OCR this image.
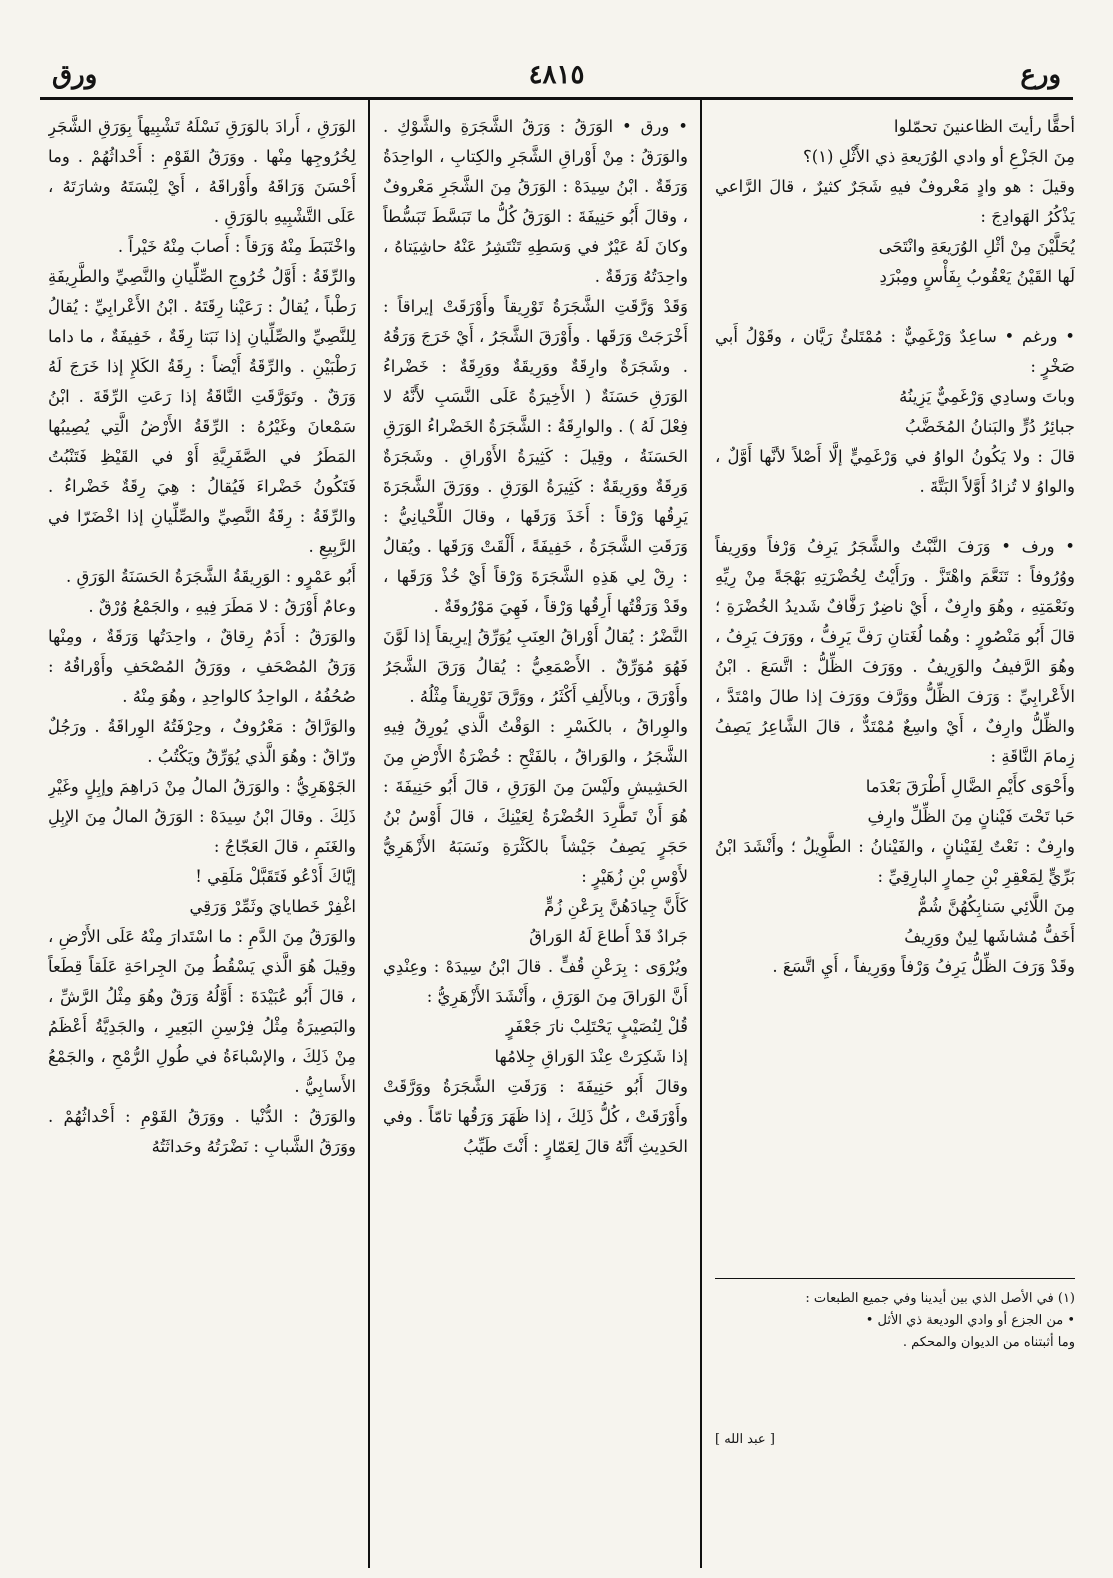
ورق	٤٨١٥	ورع
أحقًّا رأيتَ الظاعنينَ تحمّلوا
مِنَ الجَزْعِ أو وادي الوُرَيعةِ ذي الأَثْلِ (١)؟
وقيلَ : هو وادٍ مَعْروفٌ فيهِ شَجَرٌ كثيرٌ ، قالَ الرَّاعي يَذْكُرُ الهَوادِجَ :
يُحَلَّيْنَ مِنْ أثْلِ الوُرَيعَةِ وانْتَحَى
لَها القَيْنُ يَعْقُوبُ بِفَأْسٍ ومِبْرَدِ

• ورغم • ساعِدٌ وَرْغَمِيٌّ : مُمْتَلئٌ رَيَّان ، وقَوْلُ أَبي صَخْرٍ :
وباتَ وسادِي وَرْغَمِيٌّ يَزِينُهُ
جبائِرُ دُرٍّ والبَنانُ المُخَضَّبُ
قالَ : ولا يَكُونُ الواوُ في وَرْغَمِيٍّ إلَّا أَصْلاً لأنَّها أَوَّلٌ ، والواوُ لا تُزادُ أَوَّلاً البَتَّةَ .

• ورف • وَرَفَ النَّبْتُ والشَّجَرُ يَرِفُ وَرْفاً ووَرِيفاً ووُرُوفاً : تَنَعَّمَ واهْتَزَّ . ورَأَيْتُ لِخُضْرَتِهِ بَهْجَةً مِنْ رِيِّهِ ونَعْمَتِهِ ، وهُوَ وارِفٌ ، أَيْ ناضِرٌ رَفَّافٌ شَديدُ الخُضْرَةِ ؛ قالَ أَبُو مَنْصُورٍ : وهُما لُغَتانِ رَفَّ يَرِفُّ ، ووَرَفَ يَرِفُ ، وهُوَ الرَّفيفُ والوَرِيفُ . ووَرَفَ الظِّلُّ : اتَّسَعَ . ابْنُ الأَعْرابِيِّ : وَرَفَ الظِّلُّ ووَرَّفَ ووَرَفَ إذا طالَ وامْتَدَّ ، والظِّلُّ وارِفٌ ، أَيْ واسِعٌ مُمْتَدٌّ ، قالَ الشَّاعِرُ يَصِفُ زِمامَ النَّاقَةِ :
وأَحْوَى كأَيْمِ الضَّالِ أَطْرَقَ بَعْدَما
حَبا تَحْتَ فَيْنانٍ مِنَ الظِّلِّ وارِفِ
وارِفٌ : نَعْتٌ لِفَيْنانٍ ، والفَيْنانُ : الطَّوِيلُ ؛ وأَنْشَدَ ابْنُ بَرِّيٍّ لِمَعْقِرِ بْنِ حِمارٍ البارِقِيِّ :
مِنَ اللَّائِي سَنابِكُهُنَّ شُمٌّ
أَخَفُّ مُشاشَها لِينٌ ووَرِيفُ
وقَدْ وَرَفَ الظِّلُّ يَرِفُ وَرْفاً ووَرِيفاً ، أَيِ اتَّسَعَ .
• ورق • الوَرَقُ : وَرَقُ الشَّجَرَةِ والشَّوْكِ . والوَرَقُ : مِنْ أَوْراقِ الشَّجَرِ والكِتابِ ، الواحِدَةُ وَرَقَةٌ . ابْنُ سِيدَهْ : الوَرَقُ مِنَ الشَّجَرِ مَعْروفٌ ، وقالَ أَبُو حَنِيفَةَ : الوَرَقُ كُلُّ ما تَبَسَّطَ تَبَسُّطاً وكانَ لَهُ عَيْرٌ في وَسَطِهِ تَنْتَشِرُ عَنْهُ حاشِيَتاهُ ، واحِدَتُهُ وَرَقَةٌ .
وَقَدْ وَرَّقَتِ الشَّجَرَةُ تَوْرِيقاً وأَوْرَقَتْ إيراقاً : أَخْرَجَتْ وَرَقَها . وأَوْرَقَ الشَّجَرُ ، أَيْ خَرَجَ وَرَقُهُ . وشَجَرَةٌ وارِقَةٌ ووَرِيقَةٌ ووَرِقَةٌ : خَضْراءُ الوَرَقِ حَسَنَةٌ ( الأَخِيرَةُ عَلَى النَّسَبِ لأَنَّهُ لا فِعْلَ لَهُ ) . والوارِقَةُ : الشَّجَرَةُ الخَضْراءُ الوَرَقِ الحَسَنَةُ ، وقِيلَ : كَثِيرَةُ الأَوْراقِ . وشَجَرَةٌ وَرِقَةٌ ووَرِيقَةٌ : كَثِيرَةُ الوَرَقِ . ووَرَقَ الشَّجَرَةَ يَرِقُها وَرْقاً : أَخَذَ وَرَقَها ، وقالَ اللِّحْيانِيُّ : وَرَقَتِ الشَّجَرَةُ ، خَفِيفَةً ، أَلْقَتْ وَرَقَها . ويُقالُ : رِقْ لِي هَذِهِ الشَّجَرَةَ وَرْقاً أَيْ خُذْ وَرَقَها ، وقَدْ وَرَقْتُها أَرِقُها وَرْقاً ، فَهِيَ مَوْرُوقَةٌ .
النَّضْرُ : يُقالُ أَوْراقُ العِنَبِ يُوَرِّقُ إيرِيقاً إذا لَوَّنَ فَهُوَ مُوَرِّقٌ . الأَصْمَعِيُّ : يُقالُ وَرَقَ الشَّجَرُ وأَوْرَقَ ، وبالأَلِفِ أَكْثَرُ ، ووَرَّقَ تَوْرِيقاً مِثْلُهُ .
والوِراقُ ، بالكَسْرِ : الوَقْتُ الَّذي يُورِقُ فِيهِ الشَّجَرُ ، والوَراقُ ، بالفَتْحِ : خُضْرَةُ الأَرْضِ مِنَ الحَشِيشِ ولَيْسَ مِنَ الوَرَقِ ، قالَ أَبُو حَنِيفَةَ : هُوَ أَنْ تَطَّرِدَ الخُضْرَةُ لِعَيْنِكَ ، قالَ أَوْسُ بْنُ حَجَرٍ يَصِفُ جَيْشاً بالكَثْرَةِ ونَسَبَهُ الأَزْهَرِيُّ لأَوْسِ بْنِ زُهَيْرٍ :
كَأَنَّ جِيادَهُنَّ بِرَعْنِ زُمٍّ
جَرادٌ قَدْ أَطاعَ لَهُ الوَراقُ
ويُرْوَى : بِرَعْنِ قُفٍّ . قالَ ابْنُ سِيدَهْ : وعِنْدِي أَنَّ الوَراقَ مِنَ الوَرَقِ ، وأَنْشَدَ الأَزْهَرِيُّ :
قُلْ لِنُصَيْبٍ يَحْتَلِبْ نارَ جَعْفَرٍ
إذا شَكِرَتْ عِنْدَ الوَراقِ جِلامُها
وقالَ أَبُو حَنِيفَةَ : وَرَقَتِ الشَّجَرَةُ ووَرَّقَتْ وأَوْرَقَتْ ، كُلُّ ذَلِكَ ، إذا ظَهَرَ وَرَقُها تامّاً . وفي الحَدِيثِ أَنَّهُ قالَ لِعَمّارٍ : أَنْتَ طَيِّبُ
الوَرَقِ ، أَرادَ بالوَرَقِ نَسْلَهُ تَشْبِيهاً بِوَرَقِ الشَّجَرِ لِخُرُوجِها مِنْها . ووَرَقُ القَوْمِ : أَحْداثُهُمْ . وما أَحْسَنَ وَرَاقَهُ وأَوْراقَهُ ، أَيْ لِبْسَتَهُ وشارَتَهُ ، عَلَى التَّشْبِيهِ بالوَرَقِ .
واخْتَبَطَ مِنْهُ وَرَقاً : أَصابَ مِنْهُ خَيْراً .
والرِّقَةُ : أَوَّلُ خُرُوجِ الصِّلِّيانِ والنَّصِيِّ والطَّرِيفَةِ رَطْباً ، يُقالُ : رَعَيْنا رِقَتَهُ . ابْنُ الأَعْرابِيِّ : يُقالُ لِلنَّصِيِّ والصِّلِّيانِ إذا نَبَتا رِقَةٌ ، خَفِيفَةٌ ، ما داما رَطْبَيْنِ . والرِّقَةُ أَيْضاً : رِقَةُ الكَلإِ إذا خَرَجَ لَهُ وَرَقٌ . وتَوَرَّقَتِ النَّاقَةُ إذا رَعَتِ الرِّقَةَ . ابْنُ سَمْعانَ وغَيْرُهُ : الرِّقَةُ الأَرْضُ الَّتِي يُصِيبُها المَطَرُ في الصَّفَرِيَّةِ أَوْ في القَيْظِ فَتَنْبُتُ فَتَكُونُ خَضْراءَ فَيُقالُ : هِيَ رِقَةٌ خَضْراءُ . والرِّقَةُ : رِقَةُ النَّصِيِّ والصِّلِّيانِ إذا اخْضَرّا في الرَّبِيعِ .
أَبُو عَمْرٍو : الوَرِيقَةُ الشَّجَرَةُ الحَسَنَةُ الوَرَقِ .
وعامٌ أَوْرَقُ : لا مَطَرَ فِيهِ ، والجَمْعُ وُرْقٌ .
والوَرَقُ : أَدَمٌ رِقاقٌ ، واحِدَتُها وَرَقَةٌ ، ومِنْها وَرَقُ المُصْحَفِ ، ووَرَقُ المُصْحَفِ وأَوْراقُهُ : صُحُفُهُ ، الواحِدُ كالواحِدِ ، وهُوَ مِنْهُ .
والوَرَّاقُ : مَعْرُوفٌ ، وحِرْفَتُهُ الوِراقَةُ . ورَجُلٌ ورّاقٌ : وهُوَ الَّذي يُوَرِّقُ ويَكْتُبُ .
الجَوْهَرِيُّ : والوَرَقُ المالُ مِنْ دَراهِمَ وإبِلٍ وغَيْرِ ذَلِكَ . وقالَ ابْنُ سِيدَهْ : الوَرَقُ المالُ مِنَ الإبِلِ والغَنَمِ ، قالَ العَجّاجُ :
إيَّاكَ أَدْعُو فَتَقَبَّلْ مَلَقِي !
اغْفِرْ خَطايايَ وثَمِّرْ وَرَقِي
والوَرَقُ مِنَ الدَّمِ : ما اسْتَدارَ مِنْهُ عَلَى الأَرْضِ ، وقِيلَ هُوَ الَّذي يَسْقُطُ مِنَ الجِراحَةِ عَلَقاً قِطَعاً ، قالَ أَبُو عُبَيْدَةَ : أَوَّلُهُ وَرَقٌ وهُوَ مِثْلُ الرَّشِّ ، والبَصِيرَةُ مِثْلُ فِرْسِنِ البَعِيرِ ، والجَدِيَّةُ أَعْظَمُ مِنْ ذَلِكَ ، والإسْباءَةُ في طُولِ الرُّمْحِ ، والجَمْعُ الأَسابِيُّ .
والوَرَقُ : الدُّنْيا . ووَرَقُ القَوْمِ : أَحْداثُهُمْ . ووَرَقُ الشَّبابِ : نَضْرَتُهُ وحَداثَتُهُ
(١) في الأصل الذي بين أيدينا وفي جميع الطبعات :
• من الجزع أو وادي الوديعة ذي الأثل •
وما أثبتناه من الديوان والمحكم .
[ عبد الله ]
